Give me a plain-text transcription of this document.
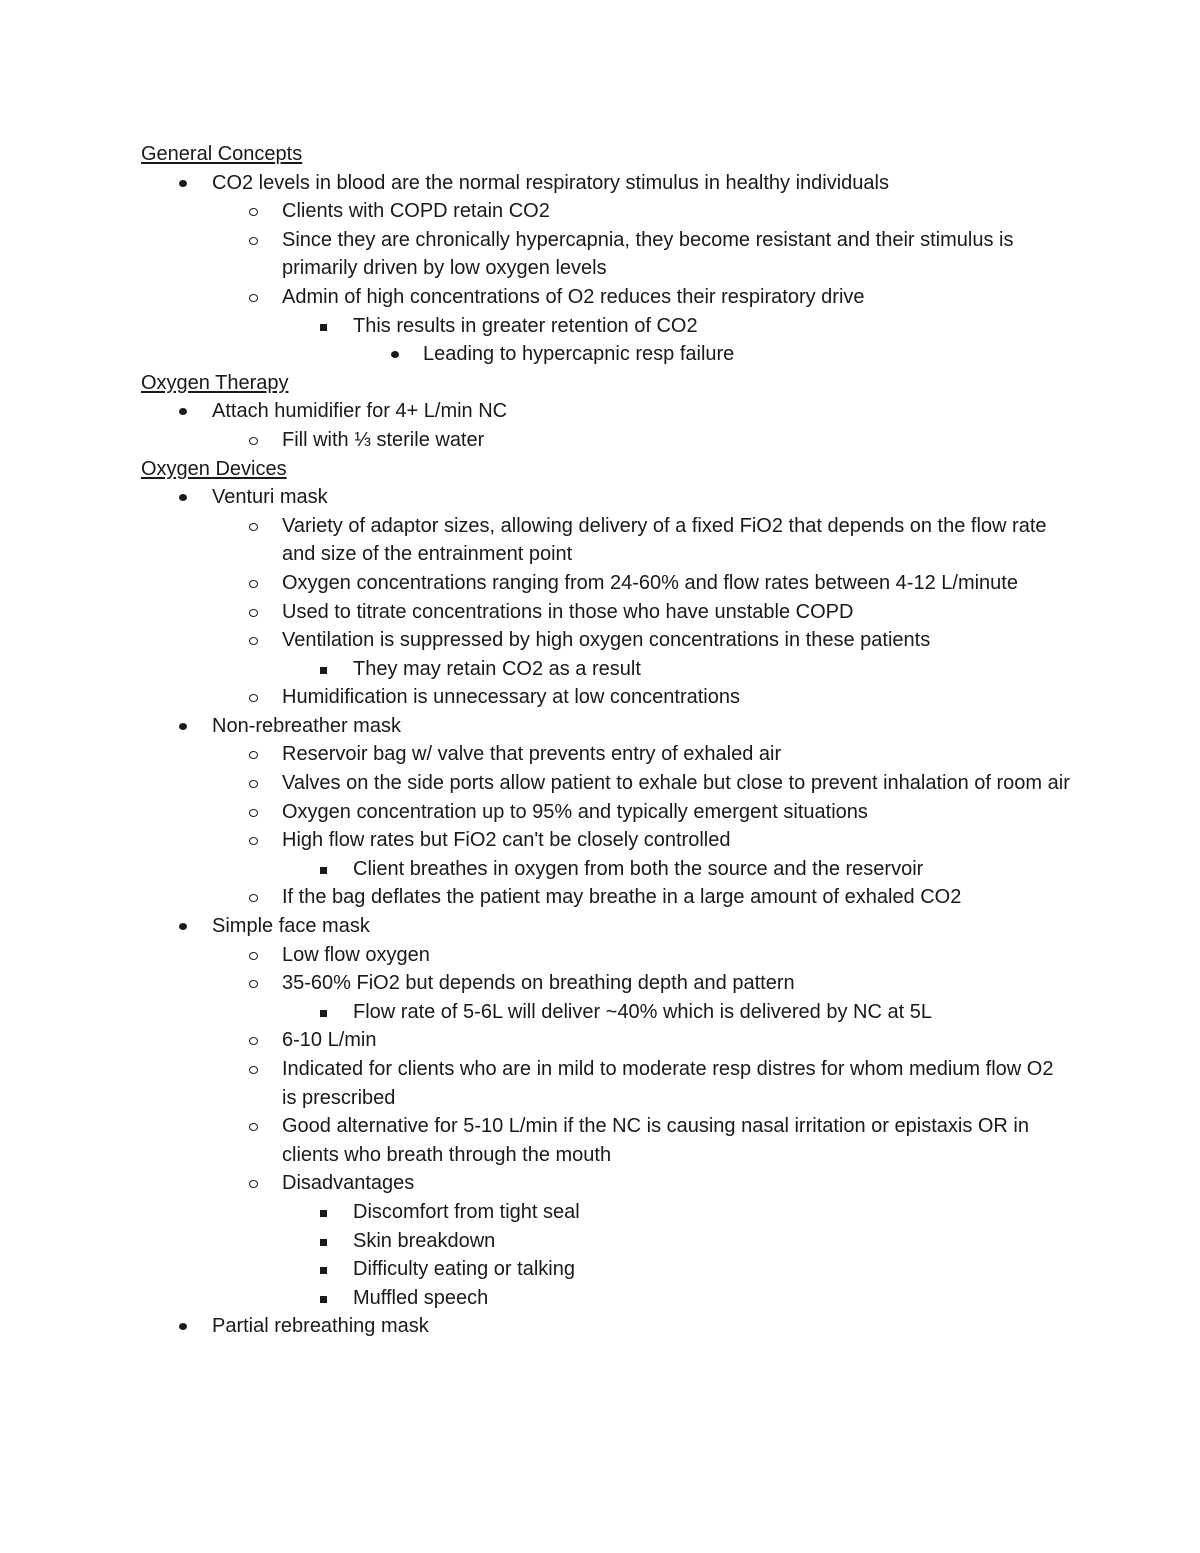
General Concepts
CO2 levels in blood are the normal respiratory stimulus in healthy individuals
Clients with COPD retain CO2
Since they are chronically hypercapnia, they become resistant and their stimulus is primarily driven by low oxygen levels
Admin of high concentrations of O2 reduces their respiratory drive
This results in greater retention of CO2
Leading to hypercapnic resp failure
Oxygen Therapy
Attach humidifier for 4+ L/min NC
Fill with ⅓ sterile water
Oxygen Devices
Venturi mask
Variety of adaptor sizes, allowing delivery of a fixed FiO2 that depends on the flow rate and size of the entrainment point
Oxygen concentrations ranging from 24-60% and flow rates between 4-12 L/minute
Used to titrate concentrations in those who have unstable COPD
Ventilation is suppressed by high oxygen concentrations in these patients
They may retain CO2 as a result
Humidification is unnecessary at low concentrations
Non-rebreather mask
Reservoir bag w/ valve that prevents entry of exhaled air
Valves on the side ports allow patient to exhale but close to prevent inhalation of room air
Oxygen concentration up to 95% and typically emergent situations
High flow rates but FiO2 can't be closely controlled
Client breathes in oxygen from both the source and the reservoir
If the bag deflates the patient may breathe in a large amount of exhaled CO2
Simple face mask
Low flow oxygen
35-60% FiO2 but depends on breathing depth and pattern
Flow rate of 5-6L will deliver ~40% which is delivered by NC at 5L
6-10 L/min
Indicated for clients who are in mild to moderate resp distres for whom medium flow O2 is prescribed
Good alternative for 5-10 L/min if the NC is causing nasal irritation or epistaxis OR in clients who breath through the mouth
Disadvantages
Discomfort from tight seal
Skin breakdown
Difficulty eating or talking
Muffled speech
Partial rebreathing mask
